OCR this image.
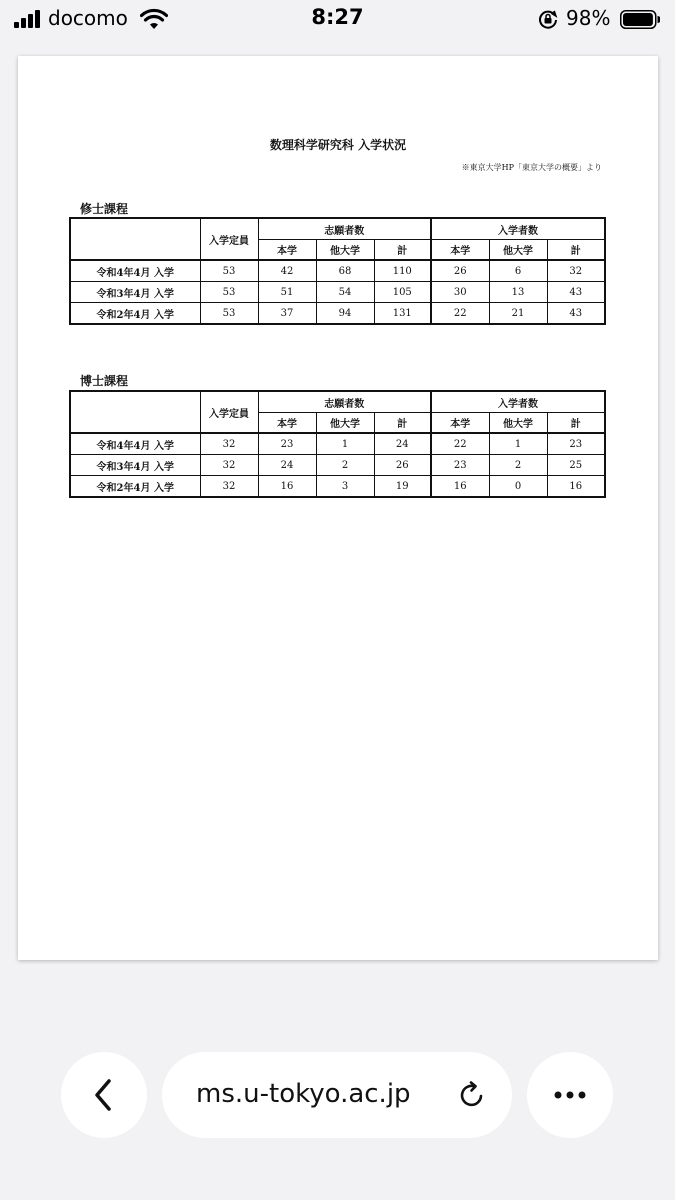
docomo	8:27	98%
数理科学研究科 入学状況
※東京大学HP「東京大学の概要」より
修士課程
	入学定員	志願者数			入学者数		
		本学	他大学	計	本学	他大学	計
令和4年4月 入学	53	42	68	110	26	6	32
令和3年4月 入学	53	51	54	105	30	13	43
令和2年4月 入学	53	37	94	131	22	21	43
博士課程
	入学定員	志願者数			入学者数		
		本学	他大学	計	本学	他大学	計
令和4年4月 入学	32	23	1	24	22	1	23
令和3年4月 入学	32	24	2	26	23	2	25
令和2年4月 入学	32	16	3	19	16	0	16
ms.u-tokyo.ac.jp
